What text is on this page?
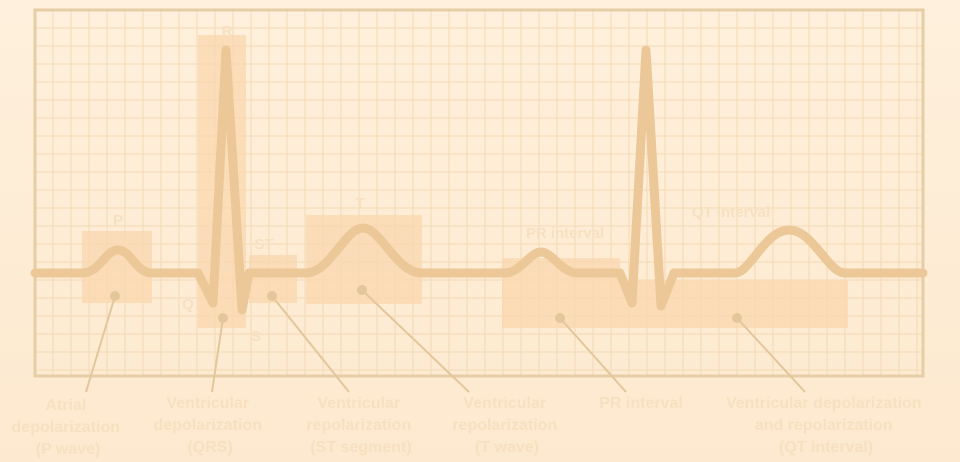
P
Q
R
S
ST
T
PR interval
QT interval
Atrial depolarization (P wave)
Ventricular depolarization (QRS)
Ventricular repolarization (ST segment)
Ventricular repolarization (T wave)
PR interval	Ventricular depolarization and repolarization (QT interval)
